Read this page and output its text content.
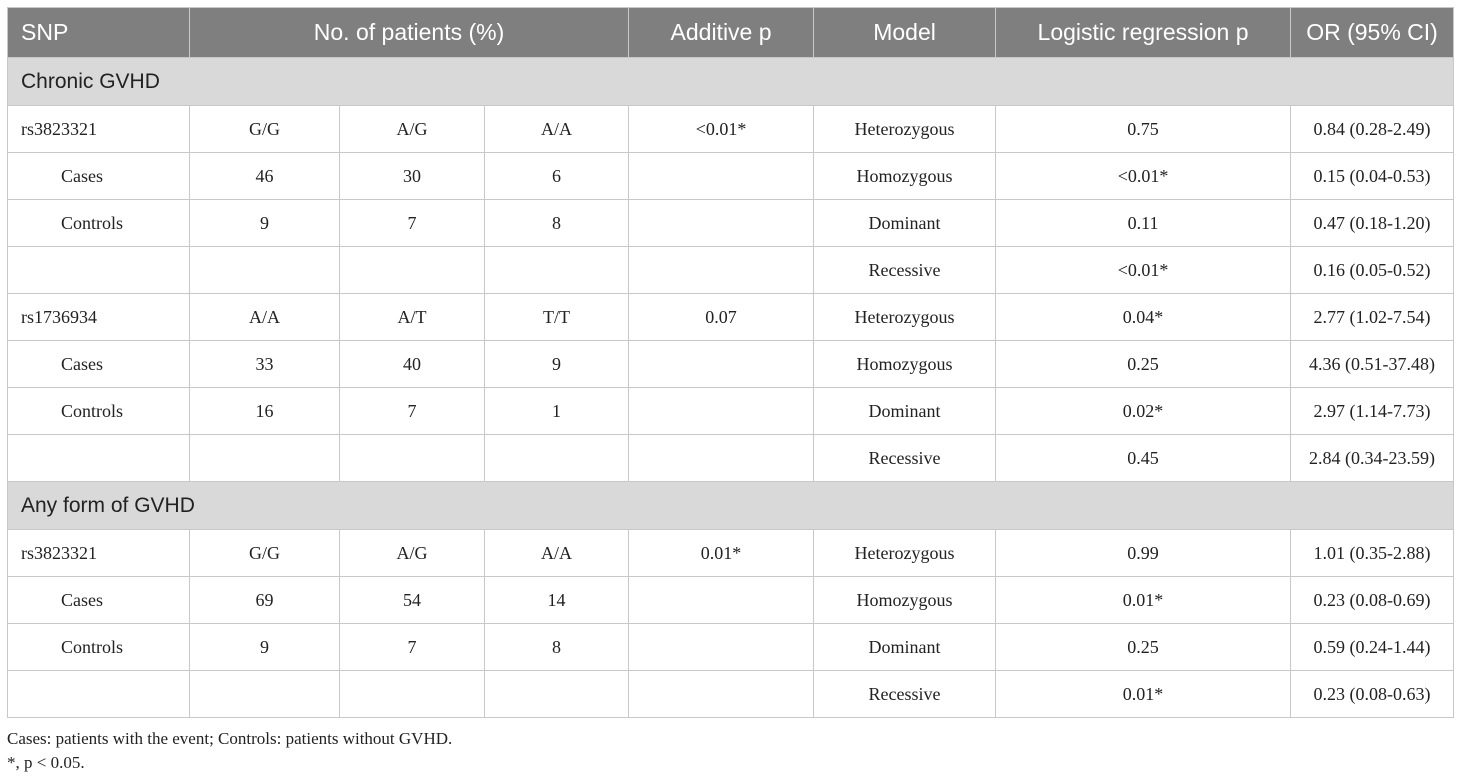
SNP	No. of patients (%)			Additive p	Model	Logistic regression p	OR (95% CI)
Chronic GVHD							
rs3823321	G/G	A/G	A/A	<0.01*	Heterozygous	0.75	0.84 (0.28-2.49)
Cases	46	30	6		Homozygous	<0.01*	0.15 (0.04-0.53)
Controls	9	7	8		Dominant	0.11	0.47 (0.18-1.20)
					Recessive	<0.01*	0.16 (0.05-0.52)
rs1736934	A/A	A/T	T/T	0.07	Heterozygous	0.04*	2.77 (1.02-7.54)
Cases	33	40	9		Homozygous	0.25	4.36 (0.51-37.48)
Controls	16	7	1		Dominant	0.02*	2.97 (1.14-7.73)
					Recessive	0.45	2.84 (0.34-23.59)
Any form of GVHD							
rs3823321	G/G	A/G	A/A	0.01*	Heterozygous	0.99	1.01 (0.35-2.88)
Cases	69	54	14		Homozygous	0.01*	0.23 (0.08-0.69)
Controls	9	7	8		Dominant	0.25	0.59 (0.24-1.44)
					Recessive	0.01*	0.23 (0.08-0.63)
Cases: patients with the event; Controls: patients without GVHD.
*, p < 0.05.
